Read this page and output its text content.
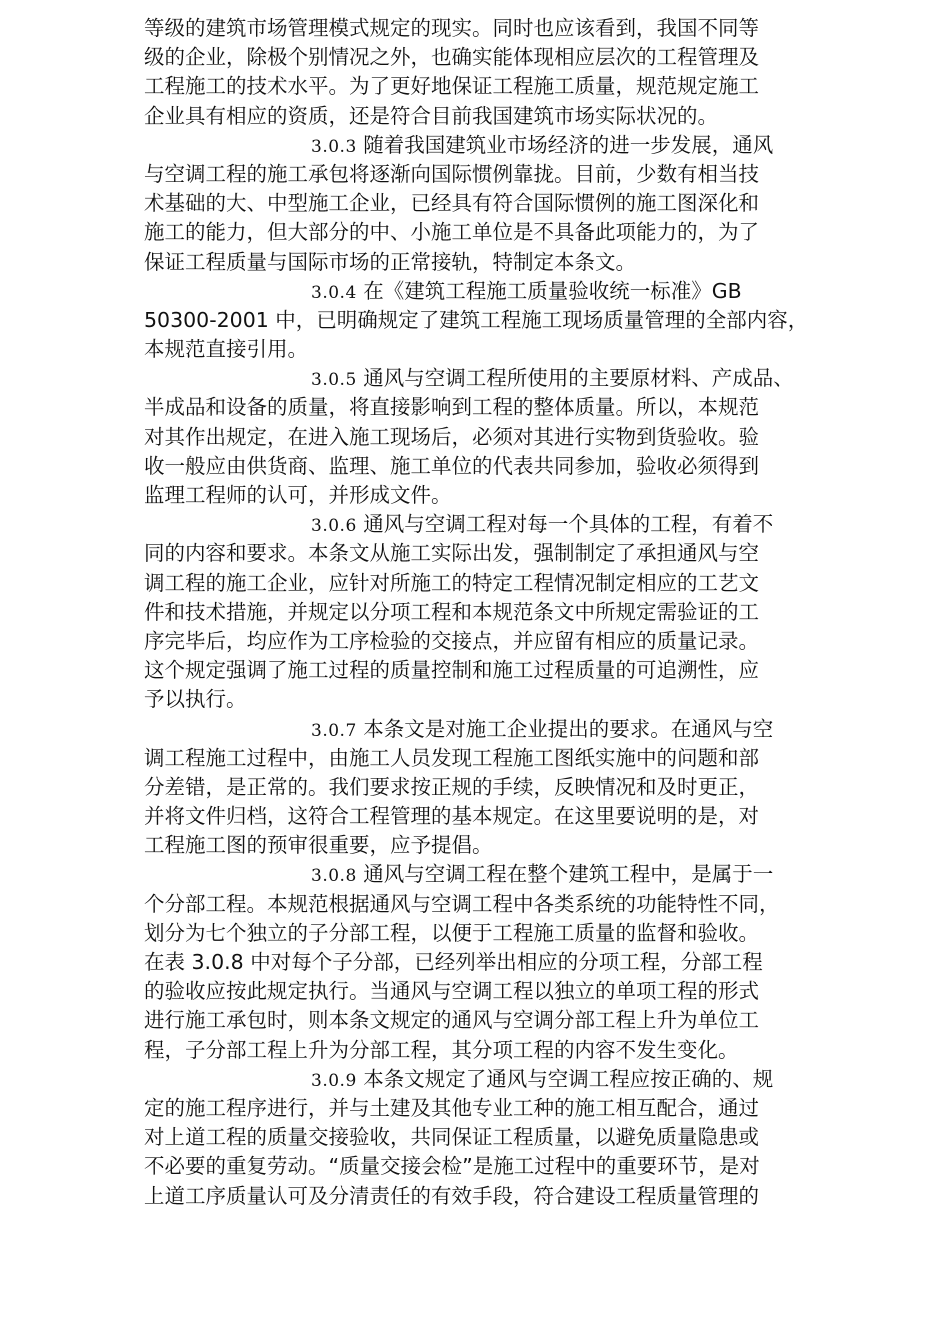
等级的建筑市场管理模式规定的现实。同时也应该看到，我国不同等
级的企业，除极个别情况之外，也确实能体现相应层次的工程管理及
工程施工的技术水平。为了更好地保证工程施工质量，规范规定施工
企业具有相应的资质，还是符合目前我国建筑市场实际状况的。
3.0.3 随着我国建筑业市场经济的进一步发展，通风
与空调工程的施工承包将逐渐向国际惯例靠拢。目前，少数有相当技
术基础的大、中型施工企业，已经具有符合国际惯例的施工图深化和
施工的能力，但大部分的中、小施工单位是不具备此项能力的，为了
保证工程质量与国际市场的正常接轨，特制定本条文。
3.0.4 在《建筑工程施工质量验收统一标准》GB
50300-2001 中，已明确规定了建筑工程施工现场质量管理的全部内容，
本规范直接引用。
3.0.5 通风与空调工程所使用的主要原材料、产成品、
半成品和设备的质量，将直接影响到工程的整体质量。所以，本规范
对其作出规定，在进入施工现场后，必须对其进行实物到货验收。验
收一般应由供货商、监理、施工单位的代表共同参加，验收必须得到
监理工程师的认可，并形成文件。
3.0.6 通风与空调工程对每一个具体的工程，有着不
同的内容和要求。本条文从施工实际出发，强制制定了承担通风与空
调工程的施工企业，应针对所施工的特定工程情况制定相应的工艺文
件和技术措施，并规定以分项工程和本规范条文中所规定需验证的工
序完毕后，均应作为工序检验的交接点，并应留有相应的质量记录。
这个规定强调了施工过程的质量控制和施工过程质量的可追溯性，应
予以执行。
3.0.7 本条文是对施工企业提出的要求。在通风与空
调工程施工过程中，由施工人员发现工程施工图纸实施中的问题和部
分差错，是正常的。我们要求按正规的手续，反映情况和及时更正，
并将文件归档，这符合工程管理的基本规定。在这里要说明的是，对
工程施工图的预审很重要，应予提倡。
3.0.8 通风与空调工程在整个建筑工程中，是属于一
个分部工程。本规范根据通风与空调工程中各类系统的功能特性不同，
划分为七个独立的子分部工程，以便于工程施工质量的监督和验收。
在表 3.0.8 中对每个子分部，已经列举出相应的分项工程，分部工程
的验收应按此规定执行。当通风与空调工程以独立的单项工程的形式
进行施工承包时，则本条文规定的通风与空调分部工程上升为单位工
程，子分部工程上升为分部工程，其分项工程的内容不发生变化。
3.0.9 本条文规定了通风与空调工程应按正确的、规
定的施工程序进行，并与土建及其他专业工种的施工相互配合，通过
对上道工程的质量交接验收，共同保证工程质量，以避免质量隐患或
不必要的重复劳动。“质量交接会检”是施工过程中的重要环节，是对
上道工序质量认可及分清责任的有效手段，符合建设工程质量管理的
